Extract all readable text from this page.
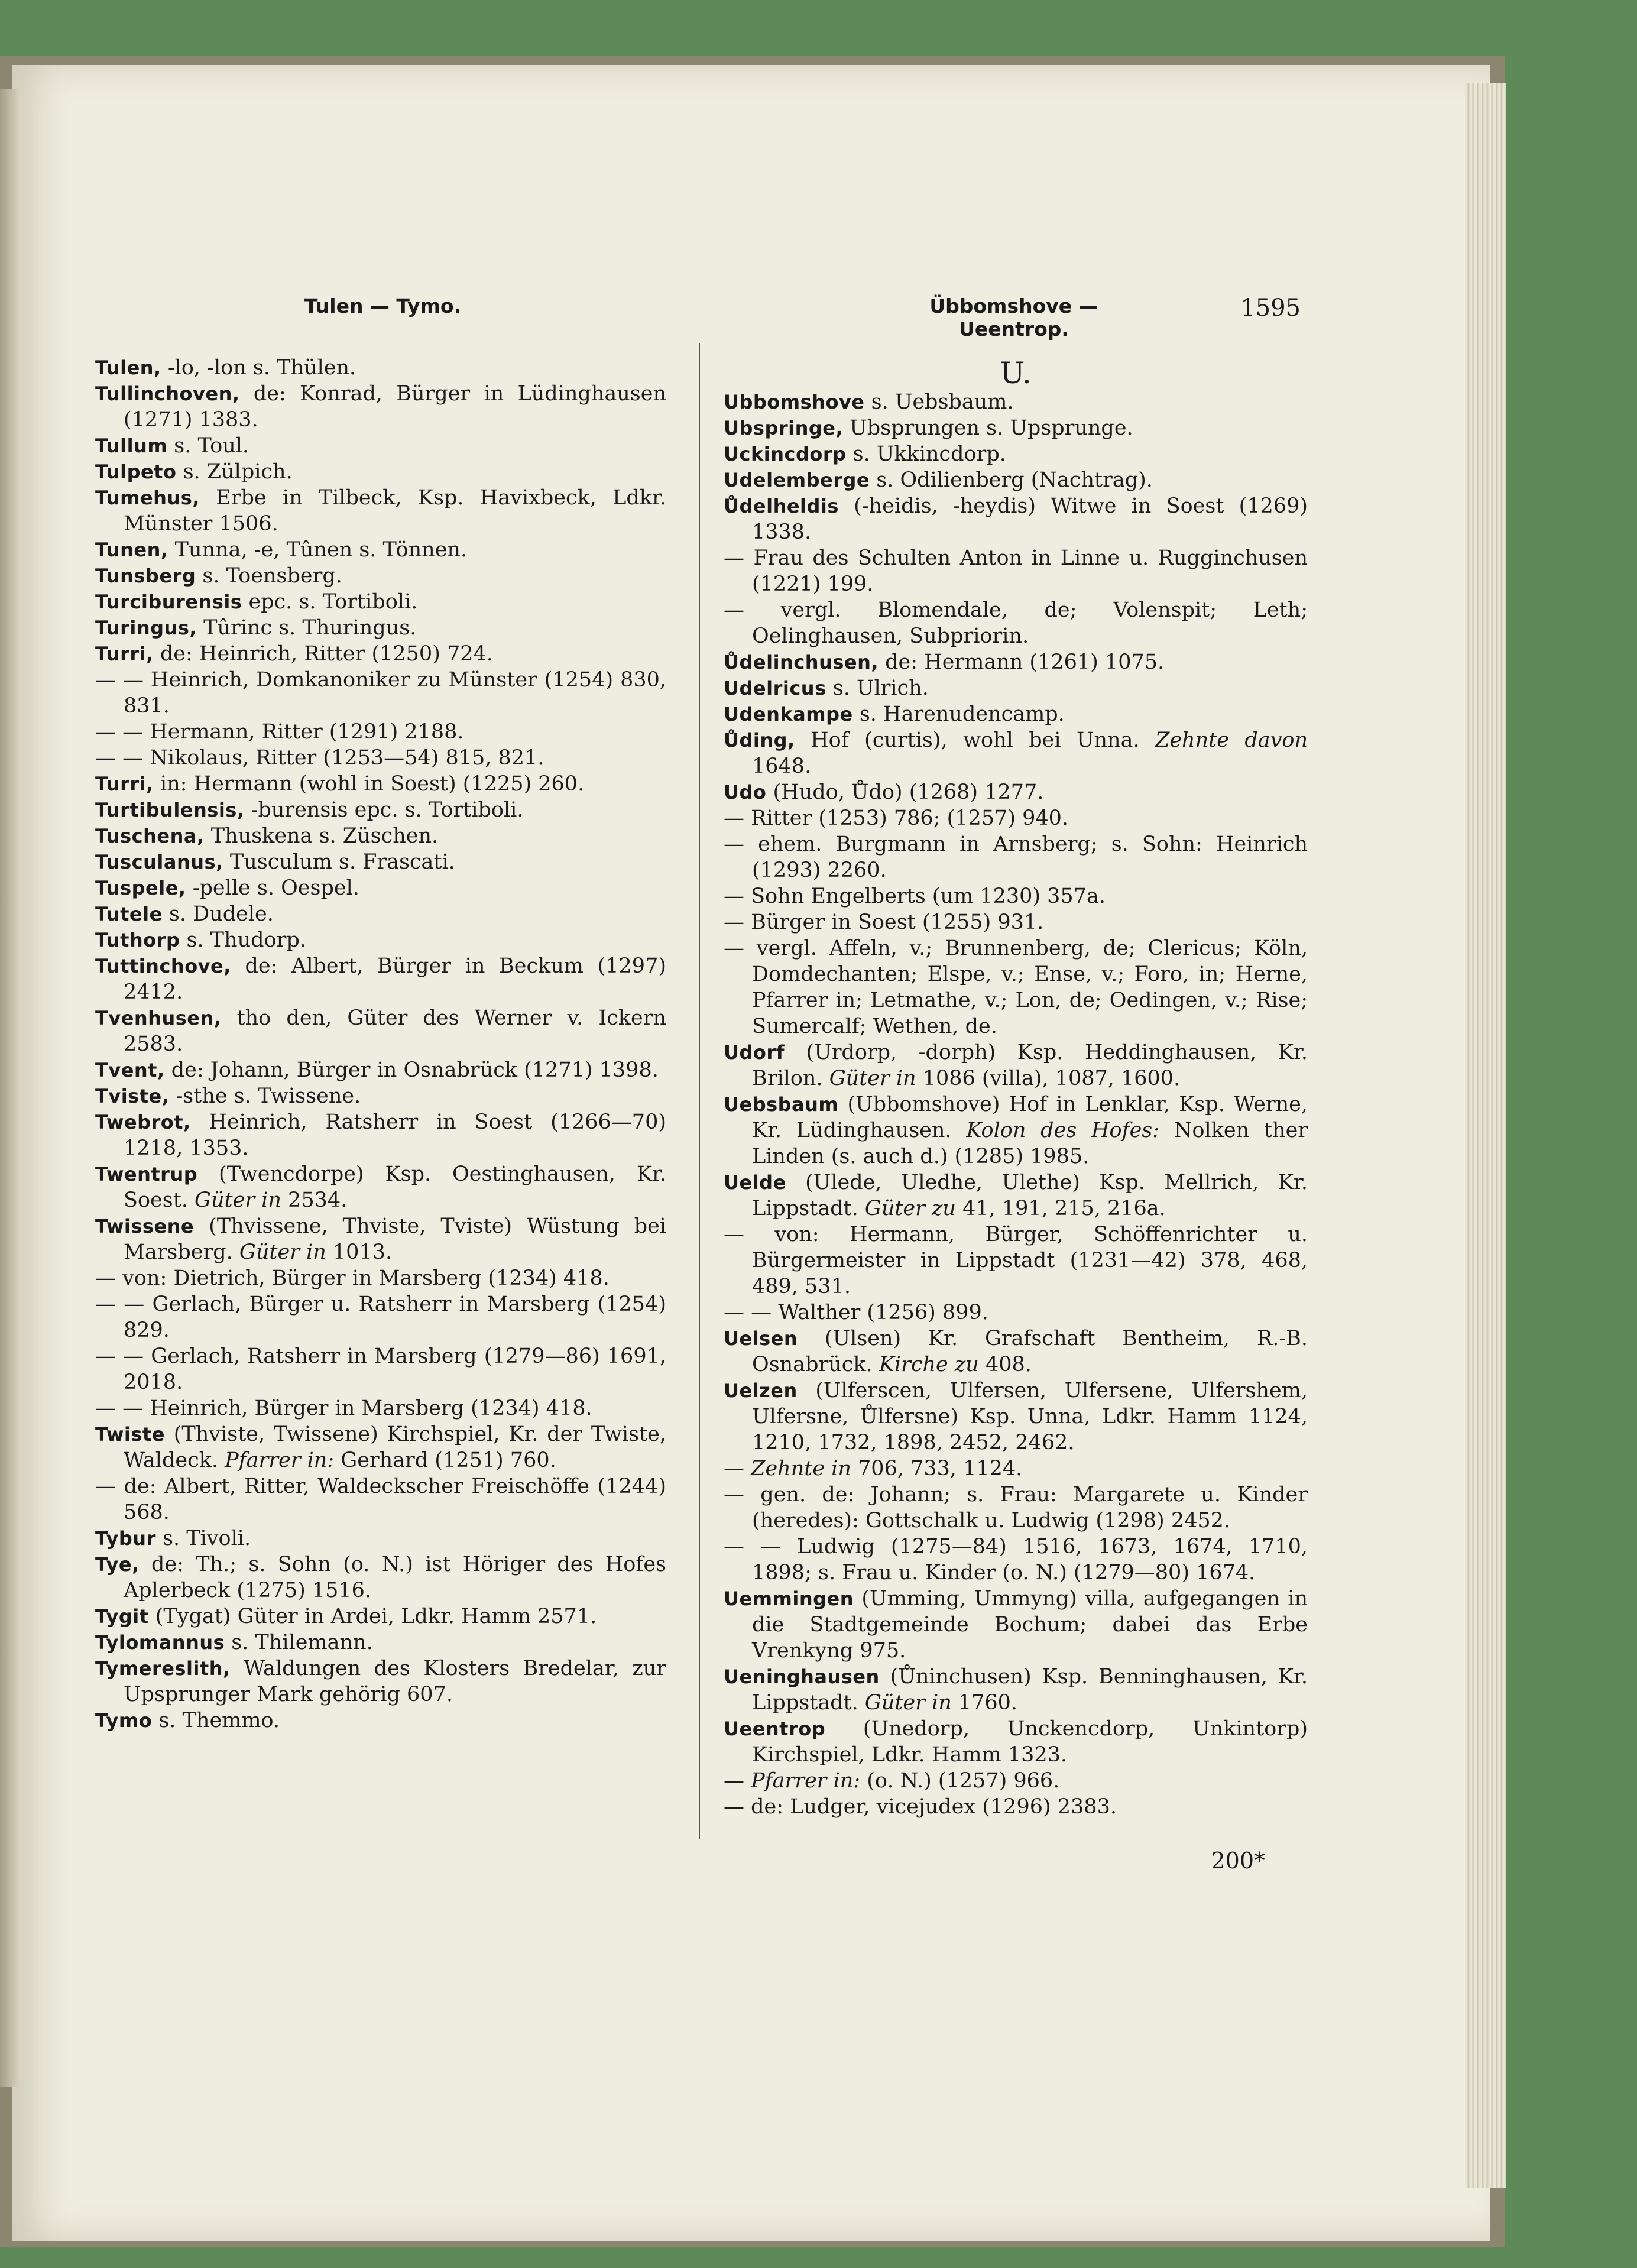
Tulen — Tymo.	Übbomshove — Ueentrop.
1595
Tulen, -lo, -lon s. Thülen.
Tullinchoven, de: Konrad, Bürger in Lüdinghausen (1271) 1383.
Tullum s. Toul.
Tulpeto s. Zülpich.
Tumehus, Erbe in Tilbeck, Ksp. Havixbeck, Ldkr. Münster 1506.
Tunen, Tunna, -e, Tûnen s. Tönnen.
Tunsberg s. Toensberg.
Turciburensis epc. s. Tortiboli.
Turingus, Tûrinc s. Thuringus.
Turri, de: Heinrich, Ritter (1250) 724.
— — Heinrich, Domkanoniker zu Münster (1254) 830, 831.
— — Hermann, Ritter (1291) 2188.
— — Nikolaus, Ritter (1253—54) 815, 821.
Turri, in: Hermann (wohl in Soest) (1225) 260.
Turtibulensis, -burensis epc. s. Tortiboli.
Tuschena, Thuskena s. Züschen.
Tusculanus, Tusculum s. Frascati.
Tuspele, -pelle s. Oespel.
Tutele s. Dudele.
Tuthorp s. Thudorp.
Tuttinchove, de: Albert, Bürger in Beckum (1297) 2412.
Tvenhusen, tho den, Güter des Werner v. Ickern 2583.
Tvent, de: Johann, Bürger in Osnabrück (1271) 1398.
Tviste, -sthe s. Twissene.
Twebrot, Heinrich, Ratsherr in Soest (1266—70) 1218, 1353.
Twentrup (Twencdorpe) Ksp. Oestinghausen, Kr. Soest. Güter in 2534.
Twissene (Thvissene, Thviste, Tviste) Wüstung bei Marsberg. Güter in 1013.
— von: Dietrich, Bürger in Marsberg (1234) 418.
— — Gerlach, Bürger u. Ratsherr in Marsberg (1254) 829.
— — Gerlach, Ratsherr in Marsberg (1279—86) 1691, 2018.
— — Heinrich, Bürger in Marsberg (1234) 418.
Twiste (Thviste, Twissene) Kirchspiel, Kr. der Twiste, Waldeck. Pfarrer in: Gerhard (1251) 760.
— de: Albert, Ritter, Waldeckscher Freischöffe (1244) 568.
Tybur s. Tivoli.
Tye, de: Th.; s. Sohn (o. N.) ist Höriger des Hofes Aplerbeck (1275) 1516.
Tygit (Tygat) Güter in Ardei, Ldkr. Hamm 2571.
Tylomannus s. Thilemann.
Tymereslith, Waldungen des Klosters Bredelar, zur Upsprunger Mark gehörig 607.
Tymo s. Themmo.
U.
Ubbomshove s. Uebsbaum.
Ubspringe, Ubsprungen s. Upsprunge.
Uckincdorp s. Ukkincdorp.
Udelemberge s. Odilienberg (Nachtrag).
Ůdelheldis (-heidis, -heydis) Witwe in Soest (1269) 1338.
— Frau des Schulten Anton in Linne u. Rugginchusen (1221) 199.
— vergl. Blomendale, de; Volenspit; Leth; Oelinghausen, Subpriorin.
Ůdelinchusen, de: Hermann (1261) 1075.
Udelricus s. Ulrich.
Udenkampe s. Harenudencamp.
Ůding, Hof (curtis), wohl bei Unna. Zehnte davon 1648.
Udo (Hudo, Ůdo) (1268) 1277.
— Ritter (1253) 786; (1257) 940.
— ehem. Burgmann in Arnsberg; s. Sohn: Heinrich (1293) 2260.
— Sohn Engelberts (um 1230) 357a.
— Bürger in Soest (1255) 931.
— vergl. Affeln, v.; Brunnenberg, de; Clericus; Köln, Domdechanten; Elspe, v.; Ense, v.; Foro, in; Herne, Pfarrer in; Letmathe, v.; Lon, de; Oedingen, v.; Rise; Sumercalf; Wethen, de.
Udorf (Urdorp, -dorph) Ksp. Heddinghausen, Kr. Brilon. Güter in 1086 (villa), 1087, 1600.
Uebsbaum (Ubbomshove) Hof in Lenklar, Ksp. Werne, Kr. Lüdinghausen. Kolon des Hofes: Nolken ther Linden (s. auch d.) (1285) 1985.
Uelde (Ulede, Uledhe, Ulethe) Ksp. Mellrich, Kr. Lippstadt. Güter zu 41, 191, 215, 216a.
— von: Hermann, Bürger, Schöffenrichter u. Bürgermeister in Lippstadt (1231—42) 378, 468, 489, 531.
— — Walther (1256) 899.
Uelsen (Ulsen) Kr. Grafschaft Bentheim, R.-B. Osnabrück. Kirche zu 408.
Uelzen (Ulferscen, Ulfersen, Ulfersene, Ulfershem, Ulfersne, Ůlfersne) Ksp. Unna, Ldkr. Hamm 1124, 1210, 1732, 1898, 2452, 2462.
— Zehnte in 706, 733, 1124.
— gen. de: Johann; s. Frau: Margarete u. Kinder (heredes): Gottschalk u. Ludwig (1298) 2452.
— — Ludwig (1275—84) 1516, 1673, 1674, 1710, 1898; s. Frau u. Kinder (o. N.) (1279—80) 1674.
Uemmingen (Umming, Ummyng) villa, aufgegangen in die Stadtgemeinde Bochum; dabei das Erbe Vrenkyng 975.
Ueninghausen (Ůninchusen) Ksp. Benninghausen, Kr. Lippstadt. Güter in 1760.
Ueentrop (Unedorp, Unckencdorp, Unkintorp) Kirchspiel, Ldkr. Hamm 1323.
— Pfarrer in: (o. N.) (1257) 966.
— de: Ludger, vicejudex (1296) 2383.
200*
